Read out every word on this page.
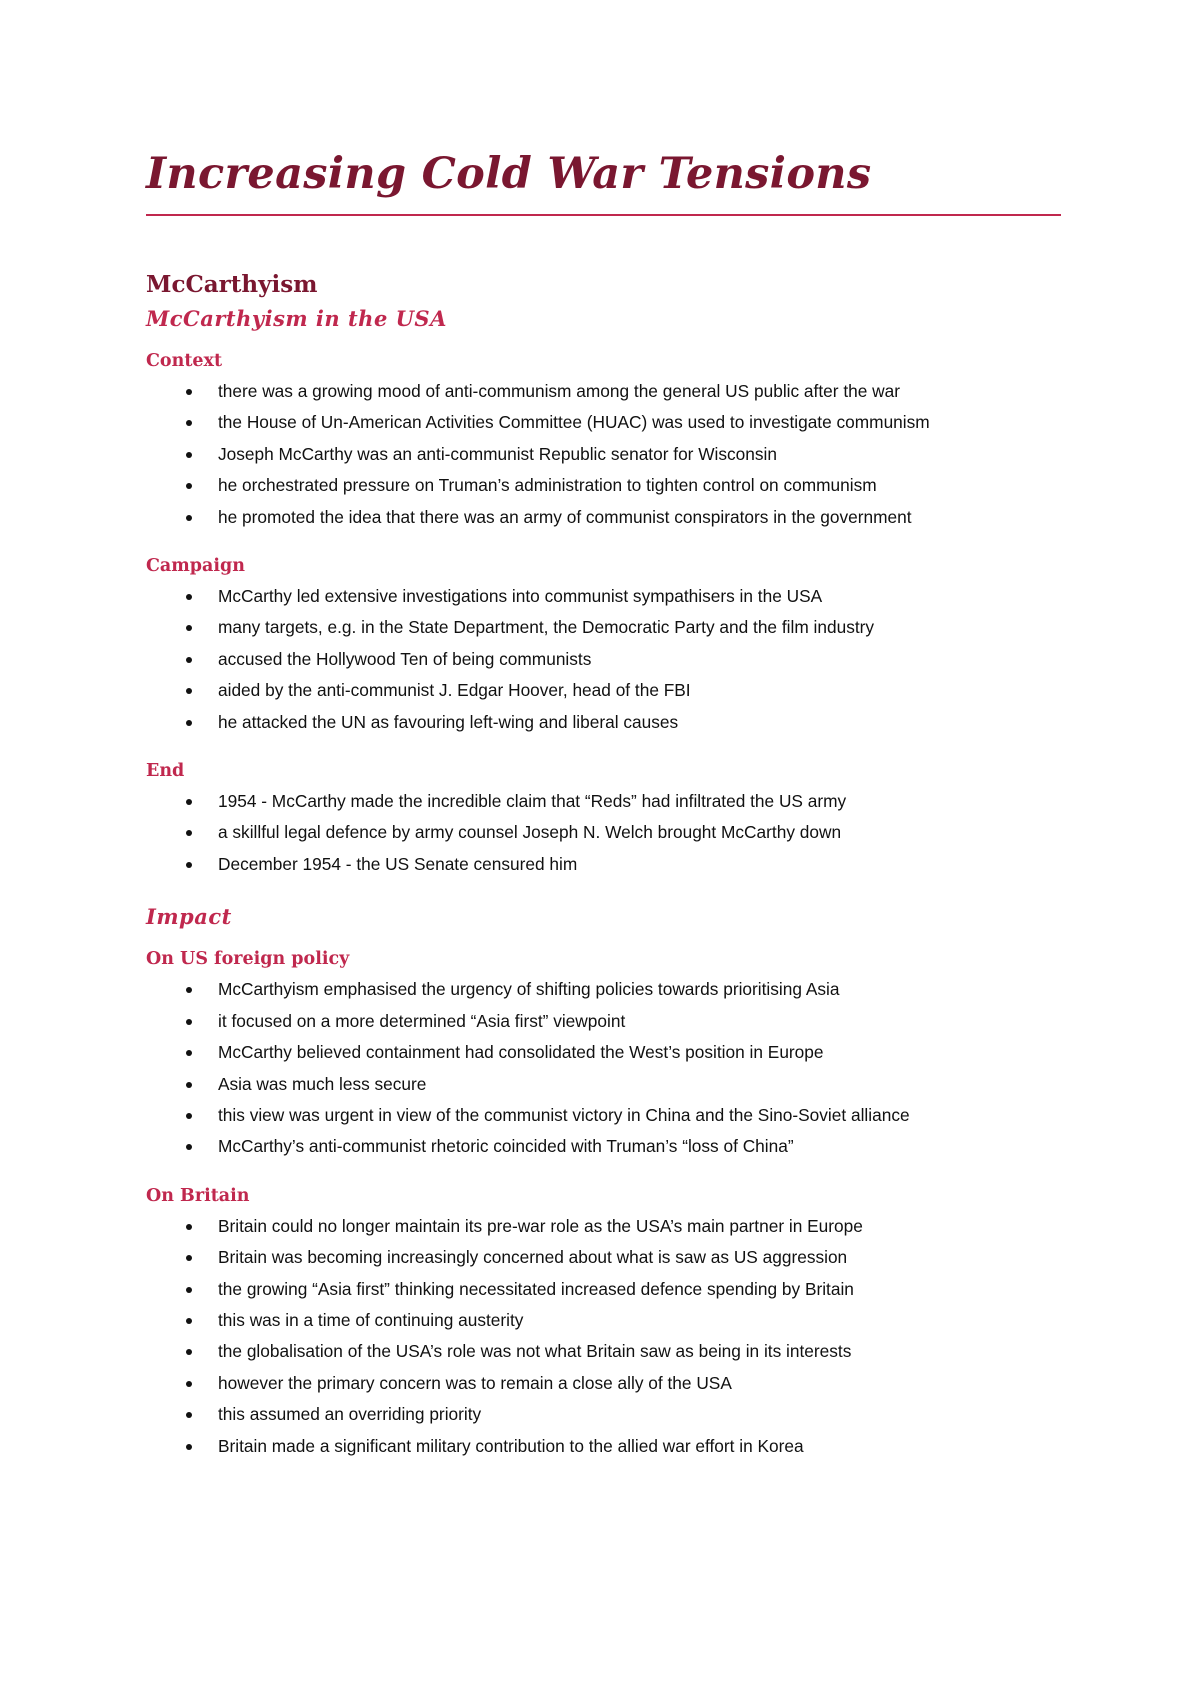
Increasing Cold War Tensions
McCarthyism
McCarthyism in the USA
Context
there was a growing mood of anti-communism among the general US public after the war
the House of Un-American Activities Committee (HUAC) was used to investigate communism
Joseph McCarthy was an anti-communist Republic senator for Wisconsin
he orchestrated pressure on Truman’s administration to tighten control on communism
he promoted the idea that there was an army of communist conspirators in the government
Campaign
McCarthy led extensive investigations into communist sympathisers in the USA
many targets, e.g. in the State Department, the Democratic Party and the film industry
accused the Hollywood Ten of being communists
aided by the anti-communist J. Edgar Hoover, head of the FBI
he attacked the UN as favouring left-wing and liberal causes
End
1954 - McCarthy made the incredible claim that “Reds” had infiltrated the US army
a skillful legal defence by army counsel Joseph N. Welch brought McCarthy down
December 1954 - the US Senate censured him
Impact
On US foreign policy
McCarthyism emphasised the urgency of shifting policies towards prioritising Asia
it focused on a more determined “Asia first” viewpoint
McCarthy believed containment had consolidated the West’s position in Europe
Asia was much less secure
this view was urgent in view of the communist victory in China and the Sino-Soviet alliance
McCarthy’s anti-communist rhetoric coincided with Truman’s “loss of China”
On Britain
Britain could no longer maintain its pre-war role as the USA’s main partner in Europe
Britain was becoming increasingly concerned about what is saw as US aggression
the growing “Asia first” thinking necessitated increased defence spending by Britain
this was in a time of continuing austerity
the globalisation of the USA’s role was not what Britain saw as being in its interests
however the primary concern was to remain a close ally of the USA
this assumed an overriding priority
Britain made a significant military contribution to the allied war effort in Korea
